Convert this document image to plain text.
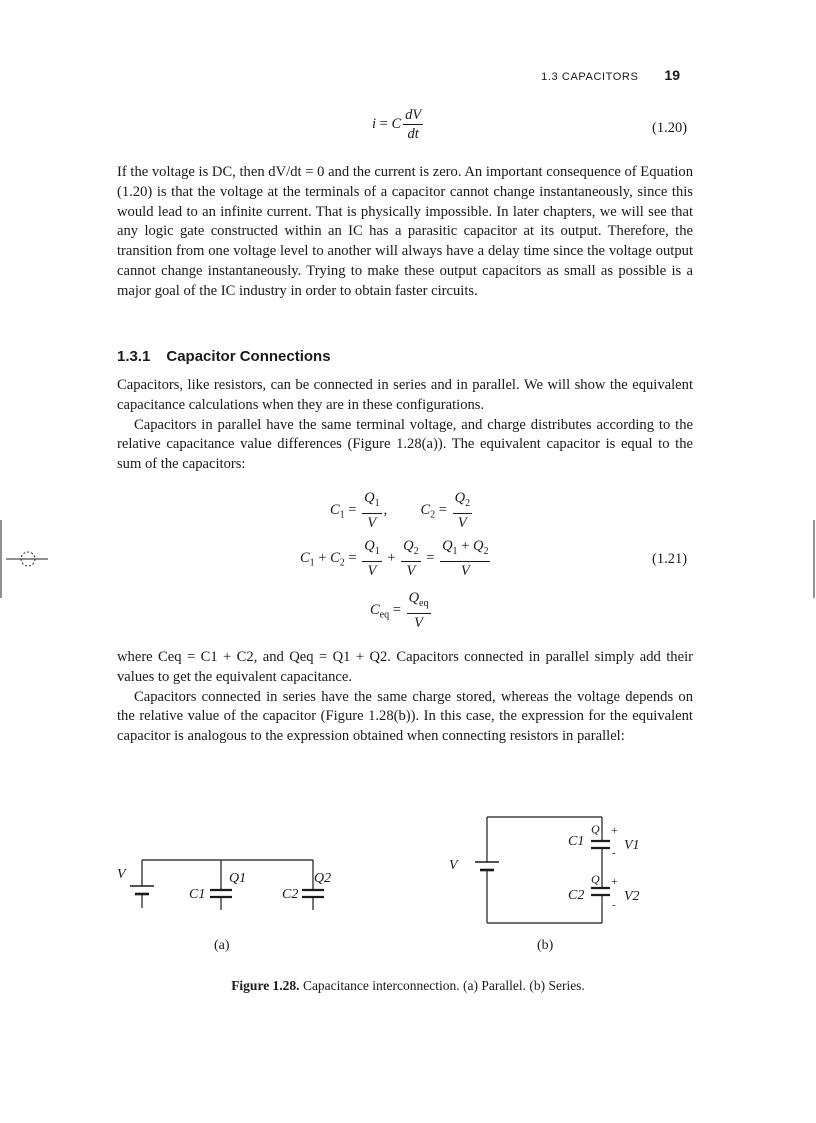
1.3 CAPACITORS 19
i = C $\frac{dV}{dt}$	(1.20)

If the voltage is DC, then dV/dt = 0 and the current is zero. An important consequence of Equation (1.20) is that the voltage at the terminals of a capacitor cannot change instantaneously, since this would lead to an infinite current. That is physically impossible. In later chapters, we will see that any logic gate constructed within an IC has a parasitic capacitor at its output. Therefore, the transition from one voltage level to another will always have a delay time since the voltage output cannot change instantaneously. Trying to make these output capacitors as small as possible is a major goal of the IC industry in order to obtain faster circuits.

1.3.1 Capacitor Connections

Capacitors, like resistors, can be connected in series and in parallel. We will show the equivalent capacitance calculations when they are in these configurations.

Capacitors in parallel have the same terminal voltage, and charge distributes according to the relative capacitance value differences (Figure 1.28(a)). The equivalent capacitor is equal to the sum of the capacitors:

$C_1 = \frac{Q_1}{V}$ , $C_2 = \frac{Q_2}{V}$
$C_1 + C_2 = \frac{Q_1}{V} + \frac{Q_2}{V} = \frac{Q_1 + Q_2}{V}$	(1.21)
$C_{eq} = \frac{Q_{eq}}{V}$

where Ceq = C1 + C2, and Qeq = Q1 + Q2. Capacitors connected in parallel simply add their values to get the equivalent capacitance.

Capacitors connected in series have the same charge stored, whereas the voltage depends on the relative value of the capacitor (Figure 1.28(b)). In this case, the expression for the equivalent capacitor is analogous to the expression obtained when connecting resistors in parallel:

V	Q1
C1
Q2
C2
(a)
V
Q
C1
+
V1
-
Q
C2
+
V2
-
(b)
Figure 1.28. Capacitance interconnection. (a) Parallel. (b) Series.
